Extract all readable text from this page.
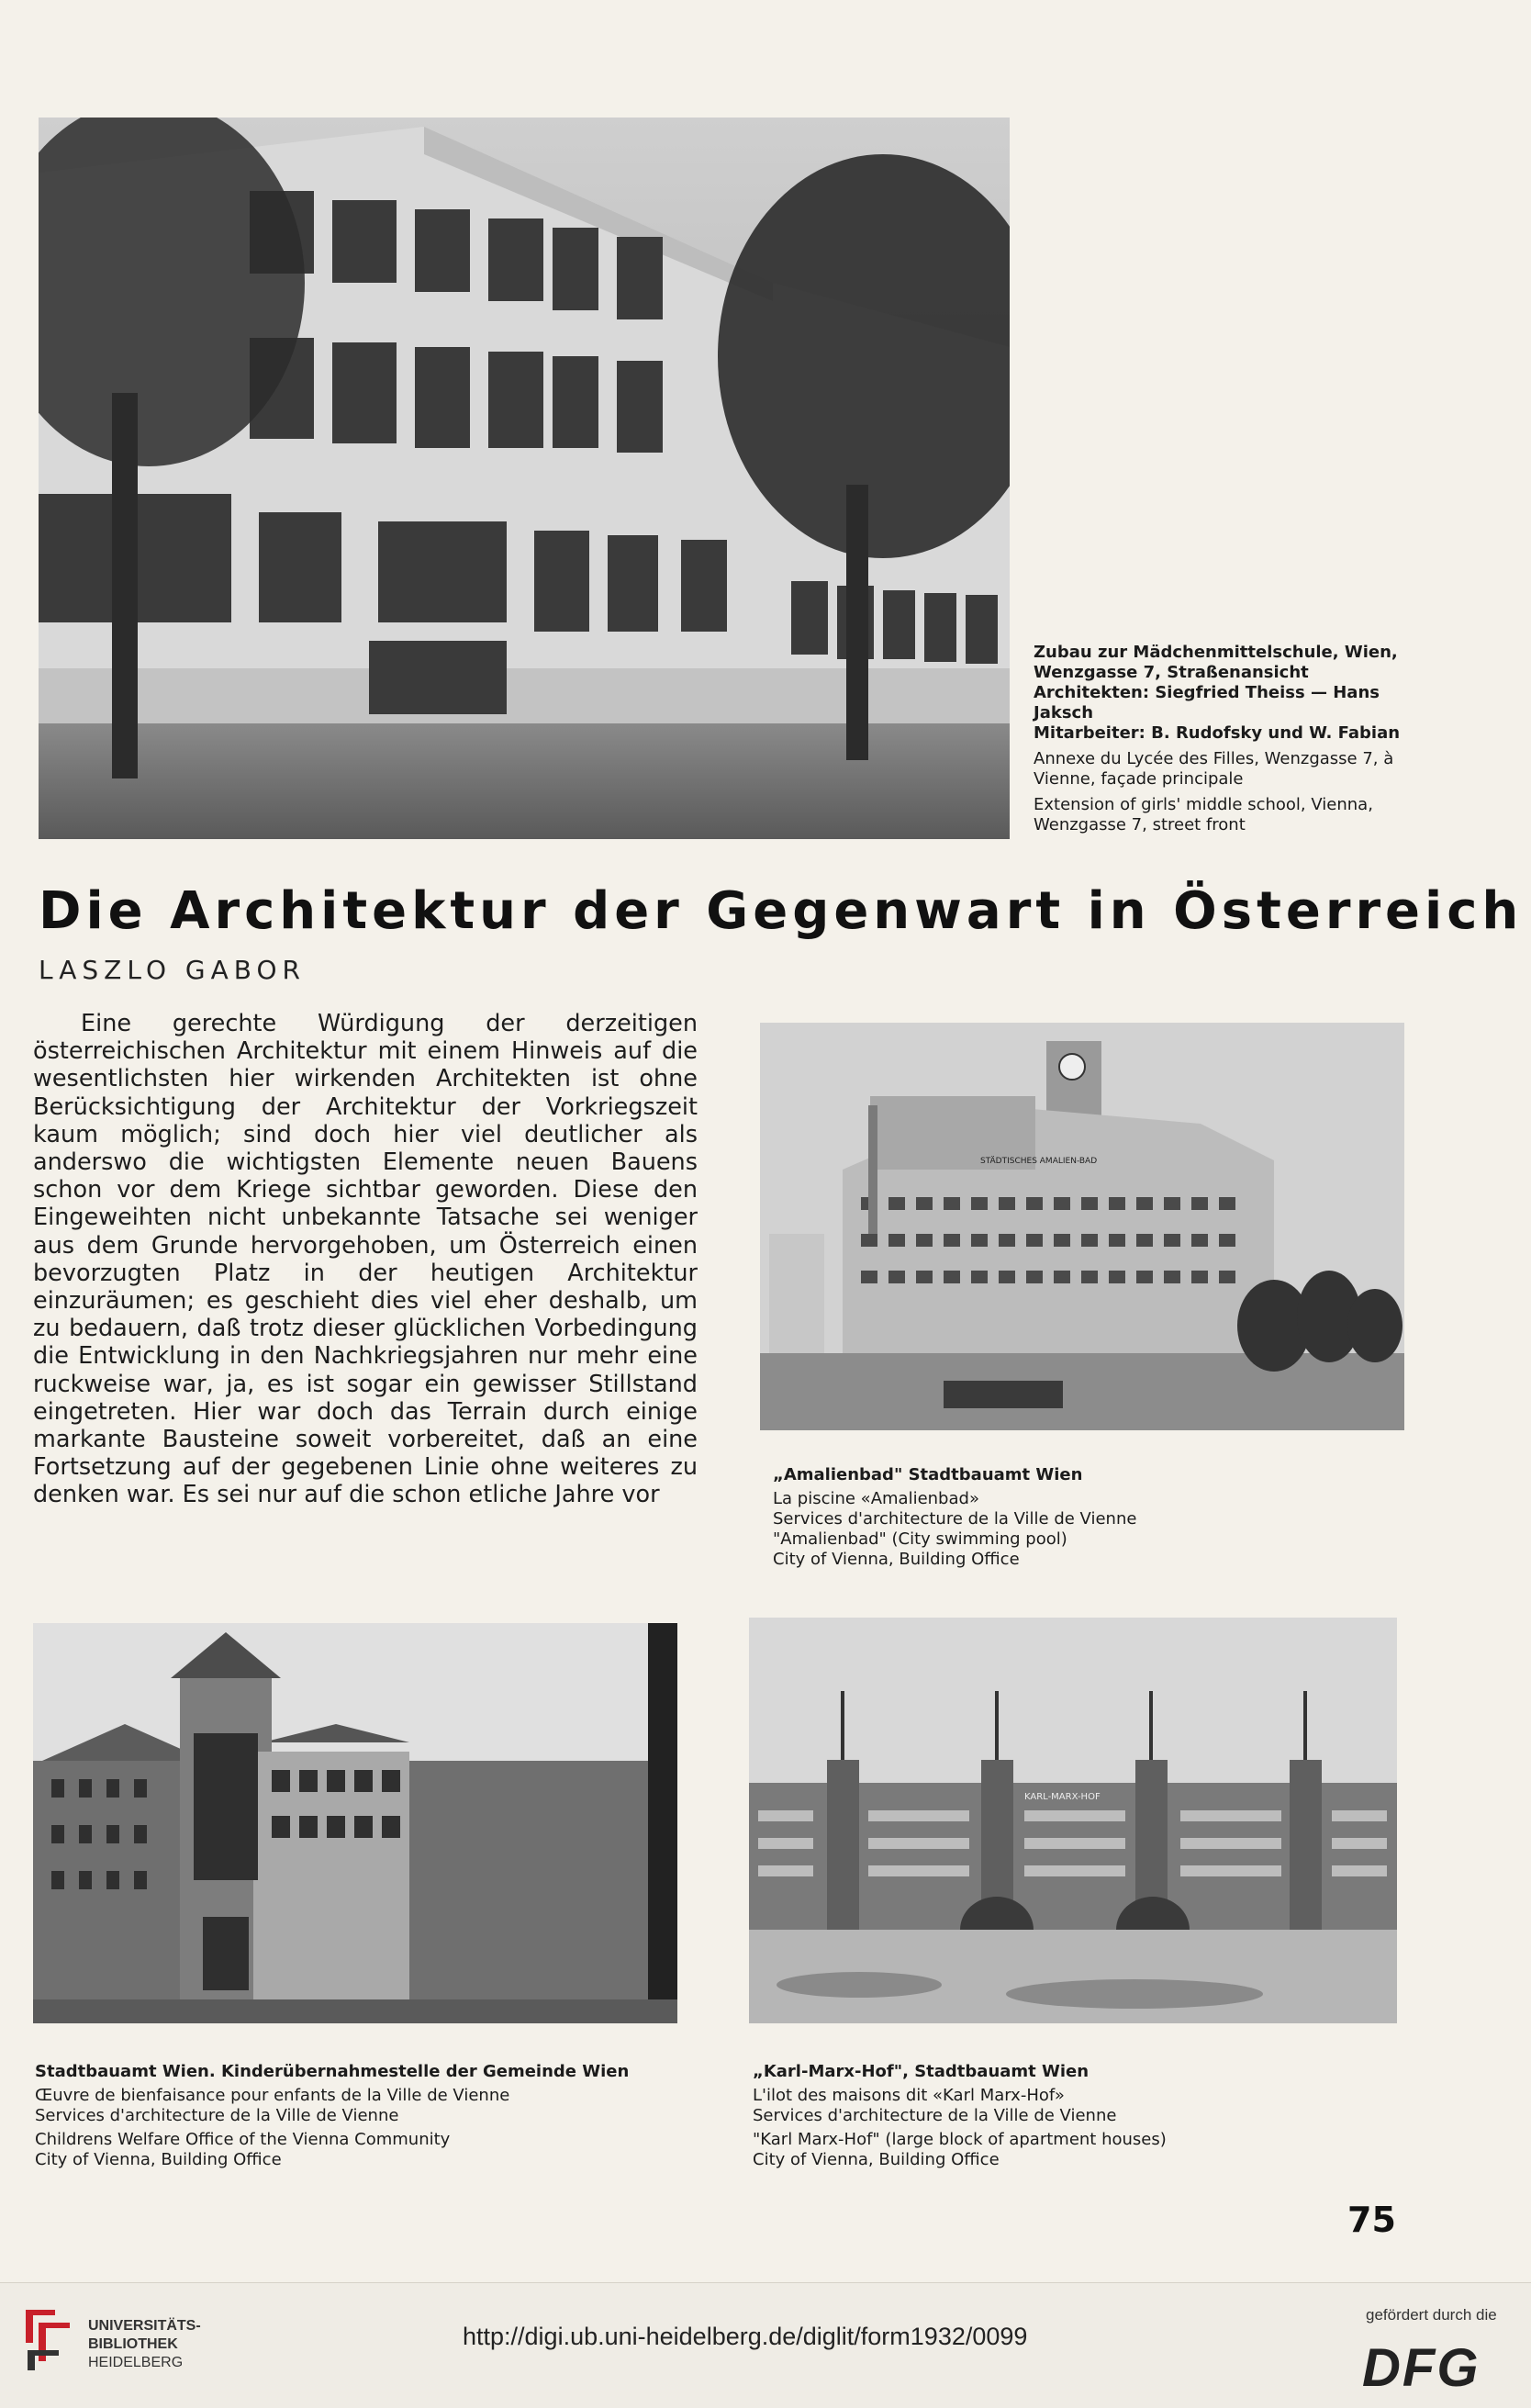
Zubau zur Mädchenmittelschule, Wien, Wenzgasse 7, Straßenansicht
Architekten: Siegfried Theiss — Hans Jaksch
Mitarbeiter: B. Rudofsky und W. Fabian
Annexe du Lycée des Filles, Wenzgasse 7, à Vienne, façade principale
Extension of girls' middle school, Vienna, Wenzgasse 7, street front
Die Architektur der Gegenwart in Österreich
LASZLO GABOR
Eine gerechte Würdigung der derzeitigen österreichischen Architektur mit einem Hinweis auf die wesentlichsten hier wirkenden Architekten ist ohne Berücksichtigung der Architektur der Vorkriegszeit kaum möglich; sind doch hier viel deutlicher als anderswo die wichtigsten Elemente neuen Bauens schon vor dem Kriege sichtbar geworden. Diese den Eingeweihten nicht unbekannte Tatsache sei weniger aus dem Grunde hervorgehoben, um Österreich einen bevorzugten Platz in der heutigen Architektur einzuräumen; es geschieht dies viel eher deshalb, um zu bedauern, daß trotz dieser glücklichen Vorbedingung die Entwicklung in den Nachkriegsjahren nur mehr eine ruckweise war, ja, es ist sogar ein gewisser Stillstand eingetreten. Hier war doch das Terrain durch einige markante Bausteine soweit vorbereitet, daß an eine Fortsetzung auf der gegebenen Linie ohne weiteres zu denken war. Es sei nur auf die schon etliche Jahre vor
STÄDTISCHES AMALIEN-BAD
„Amalienbad" Stadtbauamt Wien
La piscine «Amalienbad»
Services d'architecture de la Ville de Vienne
"Amalienbad" (City swimming pool)
City of Vienna, Building Office
Stadtbauamt Wien. Kinderübernahmestelle der Gemeinde Wien
Œuvre de bienfaisance pour enfants de la Ville de Vienne
Services d'architecture de la Ville de Vienne
Childrens Welfare Office of the Vienna Community
City of Vienna, Building Office
KARL-MARX-HOF
„Karl-Marx-Hof", Stadtbauamt Wien
L'ilot des maisons dit «Karl Marx-Hof»
Services d'architecture de la Ville de Vienne
"Karl Marx-Hof" (large block of apartment houses)
City of Vienna, Building Office
75
UNIVERSITÄTS-
BIBLIOTHEK
HEIDELBERG
http://digi.ub.uni-heidelberg.de/diglit/form1932/0099
gefördert durch die
DFG
